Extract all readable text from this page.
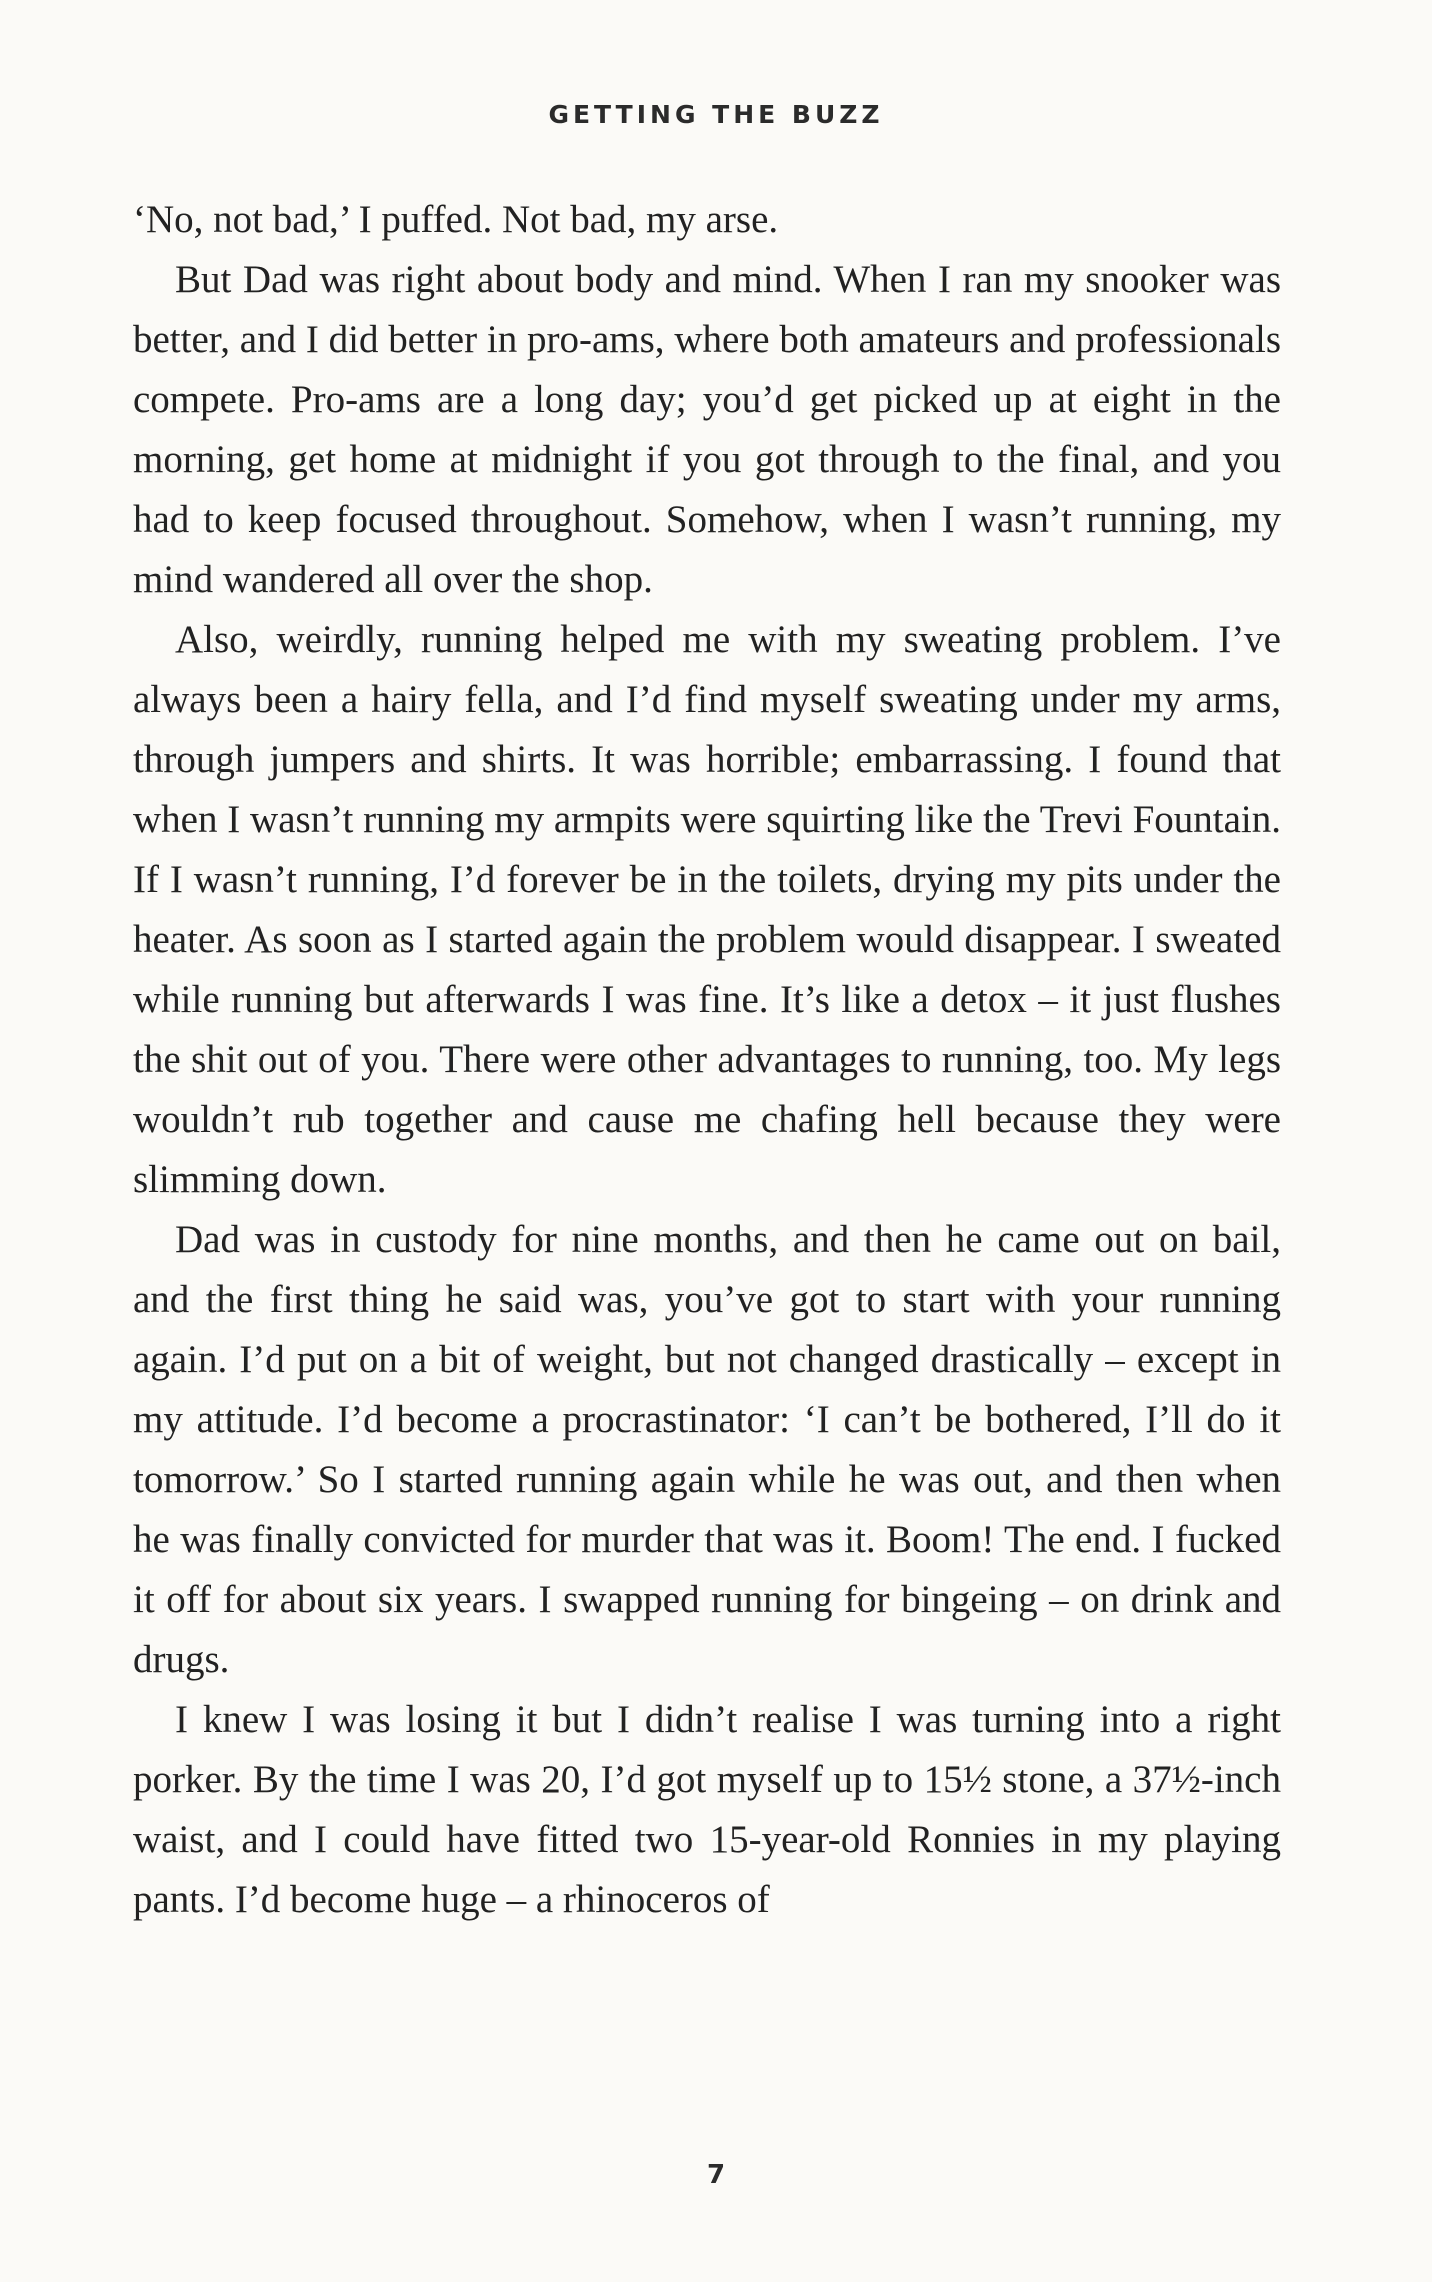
GETTING THE BUZZ

‘No, not bad,’ I puffed. Not bad, my arse.

But Dad was right about body and mind. When I ran my snooker was better, and I did better in pro-ams, where both amateurs and professionals compete. Pro-ams are a long day; you’d get picked up at eight in the morning, get home at midnight if you got through to the final, and you had to keep focused throughout. Somehow, when I wasn’t running, my mind wandered all over the shop.

Also, weirdly, running helped me with my sweating problem. I’ve always been a hairy fella, and I’d find myself sweating under my arms, through jumpers and shirts. It was horrible; embarrassing. I found that when I wasn’t running my armpits were squirting like the Trevi Fountain. If I wasn’t running, I’d forever be in the toilets, drying my pits under the heater. As soon as I started again the problem would disappear. I sweated while running but afterwards I was fine. It’s like a detox – it just flushes the shit out of you. There were other advantages to running, too. My legs wouldn’t rub together and cause me chafing hell because they were slimming down.

Dad was in custody for nine months, and then he came out on bail, and the first thing he said was, you’ve got to start with your running again. I’d put on a bit of weight, but not changed drastically – except in my attitude. I’d become a procrastinator: ‘I can’t be bothered, I’ll do it tomorrow.’ So I started running again while he was out, and then when he was finally convicted for murder that was it. Boom! The end. I fucked it off for about six years. I swapped running for bingeing – on drink and drugs.

I knew I was losing it but I didn’t realise I was turning into a right porker. By the time I was 20, I’d got myself up to 15½ stone, a 37½-inch waist, and I could have fitted two 15-year-old Ronnies in my playing pants. I’d become huge – a rhinoceros of

7
